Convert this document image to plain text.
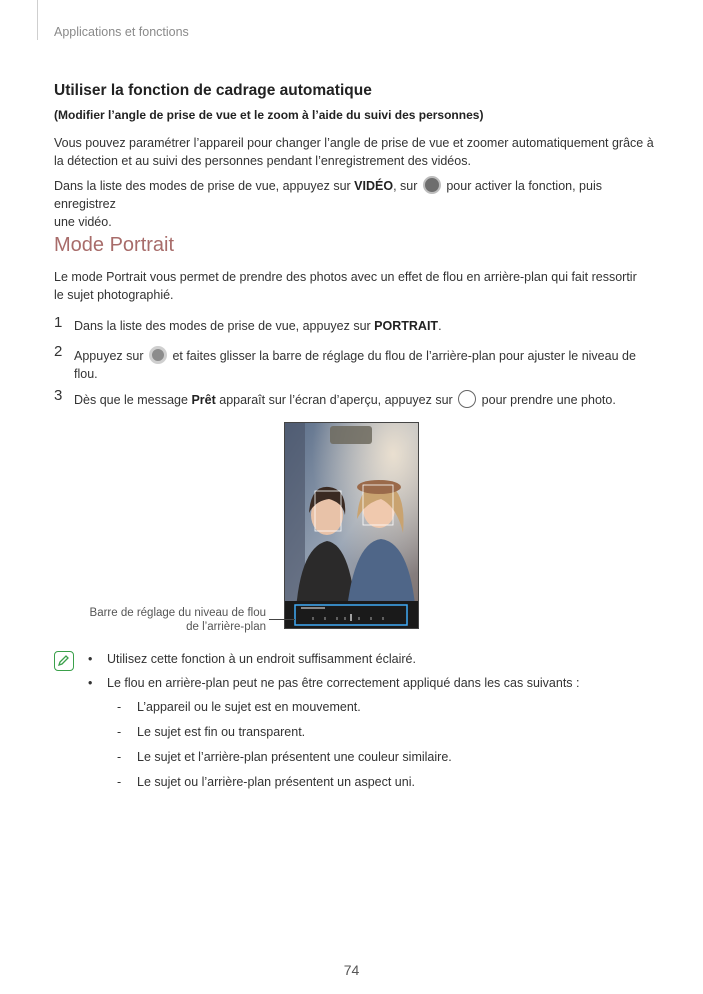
Applications et fonctions
Utiliser la fonction de cadrage automatique
(Modifier l’angle de prise de vue et le zoom à l’aide du suivi des personnes)
Vous pouvez paramétrer l’appareil pour changer l’angle de prise de vue et zoomer automatiquement grâce à
la détection et au suivi des personnes pendant l’enregistrement des vidéos.
Dans la liste des modes de prise de vue, appuyez sur VIDÉO, sur  pour activer la fonction, puis enregistrez
une vidéo.
Mode Portrait
Le mode Portrait vous permet de prendre des photos avec un effet de flou en arrière-plan qui fait ressortir
le sujet photographié.
1 Dans la liste des modes de prise de vue, appuyez sur PORTRAIT.
2 Appuyez sur  et faites glisser la barre de réglage du flou de l’arrière-plan pour ajuster le niveau de
flou.
3 Dès que le message Prêt apparaît sur l’écran d’aperçu, appuyez sur  pour prendre une photo.
Barre de réglage du niveau de flou
de l’arrière-plan
• Utilisez cette fonction à un endroit suffisamment éclairé.
• Le flou en arrière-plan peut ne pas être correctement appliqué dans les cas suivants :
- L’appareil ou le sujet est en mouvement.
- Le sujet est fin ou transparent.
- Le sujet et l’arrière-plan présentent une couleur similaire.
- Le sujet ou l’arrière-plan présentent un aspect uni.
74
